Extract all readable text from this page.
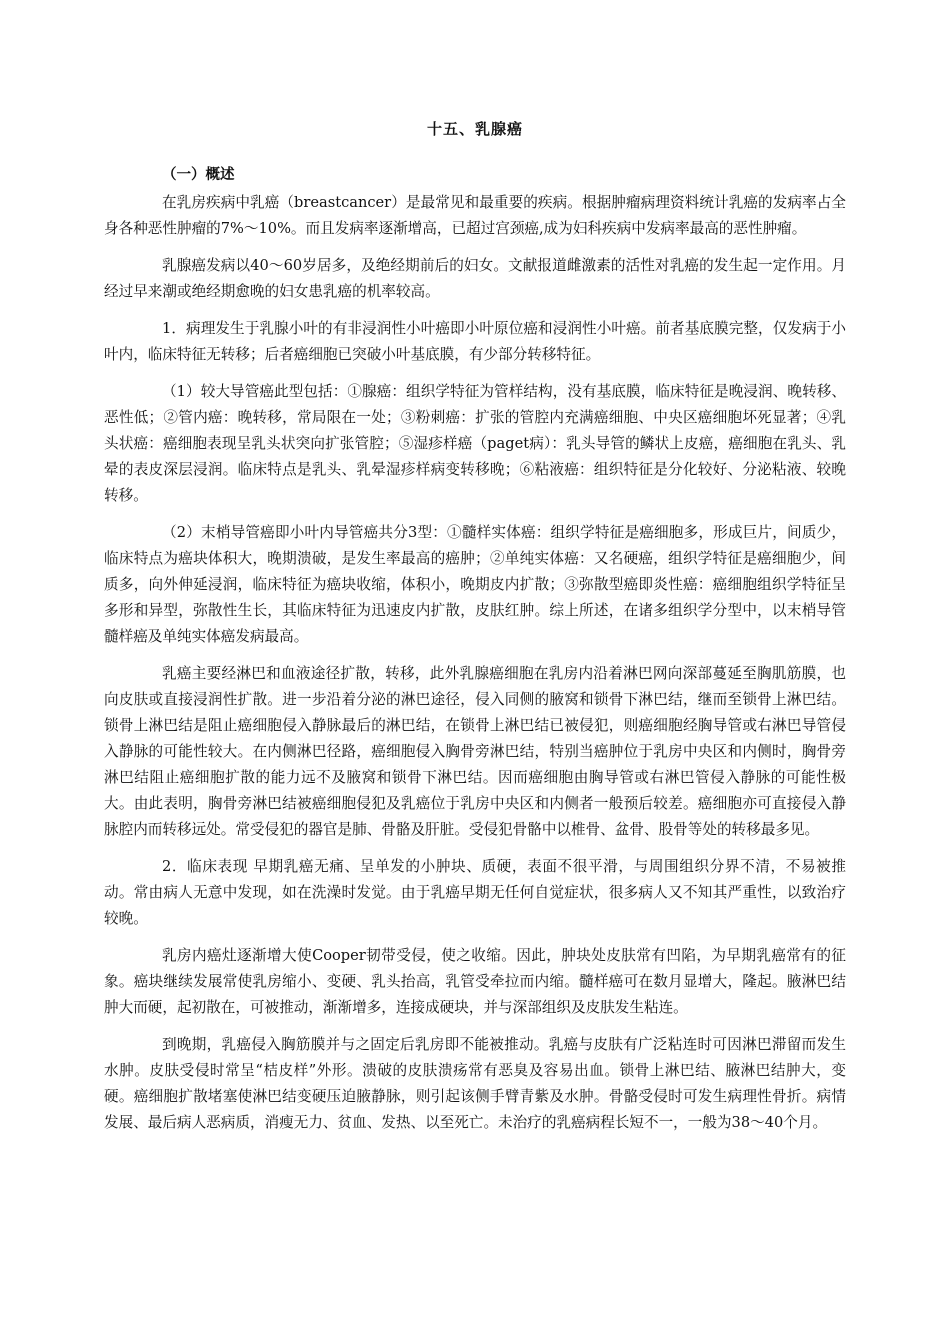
十五、乳腺癌
（一）概述

在乳房疾病中乳癌（breastcancer）是最常见和最重要的疾病。根据肿瘤病理资料统计乳癌的发病率占全身各种恶性肿瘤的7%～10%。而且发病率逐渐增高，已超过宫颈癌,成为妇科疾病中发病率最高的恶性肿瘤。

乳腺癌发病以40～60岁居多，及绝经期前后的妇女。文献报道雌激素的活性对乳癌的发生起一定作用。月经过早来潮或绝经期愈晚的妇女患乳癌的机率较高。

1．病理发生于乳腺小叶的有非浸润性小叶癌即小叶原位癌和浸润性小叶癌。前者基底膜完整，仅发病于小叶内，临床特征无转移；后者癌细胞已突破小叶基底膜，有少部分转移特征。

（1）较大导管癌此型包括：①腺癌：组织学特征为管样结构，没有基底膜，临床特征是晚浸润、晚转移、恶性低；②管内癌：晚转移，常局限在一处；③粉刺癌：扩张的管腔内充满癌细胞、中央区癌细胞坏死显著；④乳头状癌：癌细胞表现呈乳头状突向扩张管腔；⑤湿疹样癌（paget病）：乳头导管的鳞状上皮癌，癌细胞在乳头、乳晕的表皮深层浸润。临床特点是乳头、乳晕湿疹样病变转移晚；⑥粘液癌：组织特征是分化较好、分泌粘液、较晚转移。

（2）末梢导管癌即小叶内导管癌共分3型：①髓样实体癌：组织学特征是癌细胞多，形成巨片，间质少，临床特点为癌块体积大，晚期溃破，是发生率最高的癌肿；②单纯实体癌：又名硬癌，组织学特征是癌细胞少，间质多，向外伸延浸润，临床特征为癌块收缩，体积小，晚期皮内扩散；③弥散型癌即炎性癌：癌细胞组织学特征呈多形和异型，弥散性生长，其临床特征为迅速皮内扩散，皮肤红肿。综上所述，在诸多组织学分型中，以末梢导管髓样癌及单纯实体癌发病最高。

乳癌主要经淋巴和血液途径扩散，转移，此外乳腺癌细胞在乳房内沿着淋巴网向深部蔓延至胸肌筋膜，也向皮肤或直接浸润性扩散。进一步沿着分泌的淋巴途径，侵入同侧的腋窝和锁骨下淋巴结，继而至锁骨上淋巴结。锁骨上淋巴结是阻止癌细胞侵入静脉最后的淋巴结，在锁骨上淋巴结已被侵犯，则癌细胞经胸导管或右淋巴导管侵入静脉的可能性较大。在内侧淋巴径路，癌细胞侵入胸骨旁淋巴结，特别当癌肿位于乳房中央区和内侧时，胸骨旁淋巴结阻止癌细胞扩散的能力远不及腋窝和锁骨下淋巴结。因而癌细胞由胸导管或右淋巴管侵入静脉的可能性极大。由此表明，胸骨旁淋巴结被癌细胞侵犯及乳癌位于乳房中央区和内侧者一般预后较差。癌细胞亦可直接侵入静脉腔内而转移远处。常受侵犯的器官是肺、骨骼及肝脏。受侵犯骨骼中以椎骨、盆骨、股骨等处的转移最多见。

2．临床表现 早期乳癌无痛、呈单发的小肿块、质硬，表面不很平滑，与周围组织分界不清，不易被推动。常由病人无意中发现，如在洗澡时发觉。由于乳癌早期无任何自觉症状，很多病人又不知其严重性，以致治疗较晚。

乳房内癌灶逐渐增大使Cooper韧带受侵，使之收缩。因此，肿块处皮肤常有凹陷，为早期乳癌常有的征象。癌块继续发展常使乳房缩小、变硬、乳头抬高，乳管受牵拉而内缩。髓样癌可在数月显增大，隆起。腋淋巴结肿大而硬，起初散在，可被推动，渐渐增多，连接成硬块，并与深部组织及皮肤发生粘连。

到晚期，乳癌侵入胸筋膜并与之固定后乳房即不能被推动。乳癌与皮肤有广泛粘连时可因淋巴滞留而发生水肿。皮肤受侵时常呈“桔皮样”外形。溃破的皮肤溃疡常有恶臭及容易出血。锁骨上淋巴结、腋淋巴结肿大，变硬。癌细胞扩散堵塞使淋巴结变硬压迫腋静脉，则引起该侧手臂青紫及水肿。骨骼受侵时可发生病理性骨折。病情发展、最后病人恶病质，消瘦无力、贫血、发热、以至死亡。未治疗的乳癌病程长短不一，一般为38～40个月。
